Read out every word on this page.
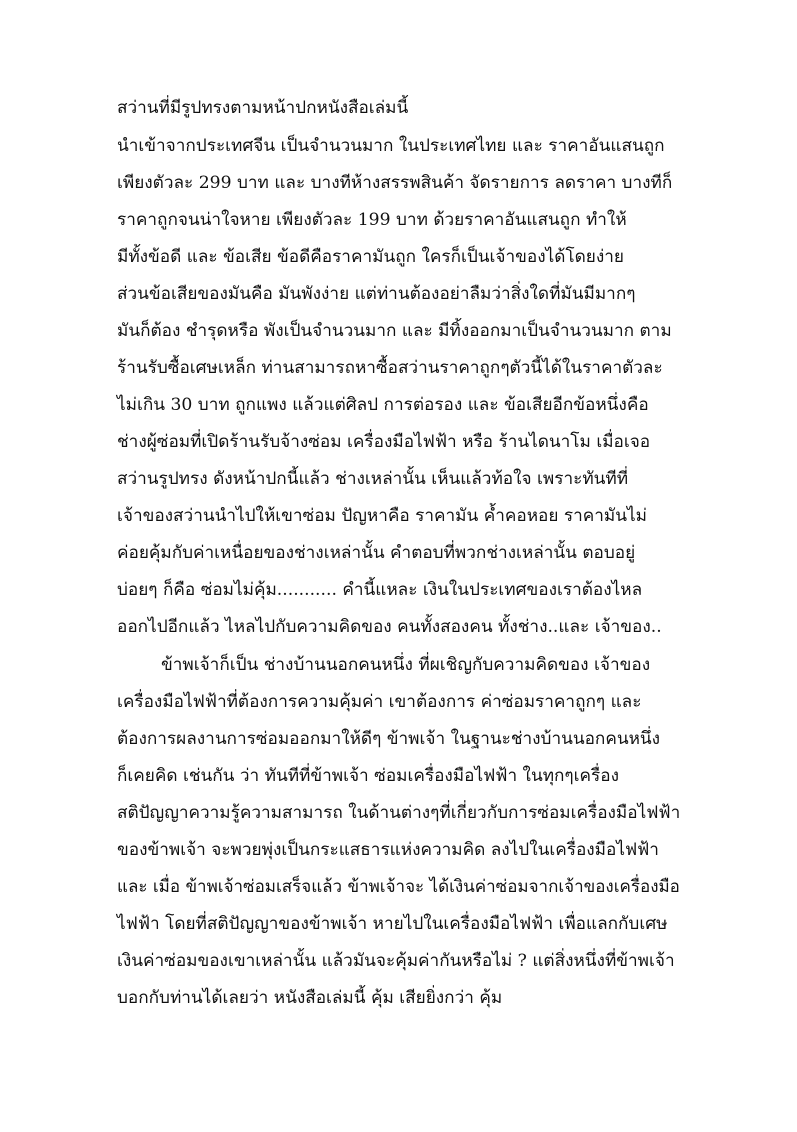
สว่านที่มีรูปทรงตามหน้าปกหนังสือเล่มนี้
นำเข้าจากประเทศจีน เป็นจำนวนมาก ในประเทศไทย และ ราคาอันแสนถูก
เพียงตัวละ 299 บาท และ บางทีห้างสรรพสินค้า จัดรายการ ลดราคา บางทีก็
ราคาถูกจนน่าใจหาย เพียงตัวละ 199 บาท ด้วยราคาอันแสนถูก ทำให้
มีทั้งข้อดี และ ข้อเสีย ข้อดีคือราคามันถูก ใครก็เป็นเจ้าของได้โดยง่าย
ส่วนข้อเสียของมันคือ มันพังง่าย แต่ท่านต้องอย่าลืมว่าสิ่งใดที่มันมีมากๆ
มันก็ต้อง ชำรุดหรือ พังเป็นจำนวนมาก และ มีทิ้งออกมาเป็นจำนวนมาก ตาม
ร้านรับซื้อเศษเหล็ก ท่านสามารถหาซื้อสว่านราคาถูกๆตัวนี้ได้ในราคาตัวละ
ไม่เกิน 30 บาท ถูกแพง แล้วแต่ศิลป การต่อรอง และ ข้อเสียอีกข้อหนึ่งคือ
ช่างผู้ซ่อมที่เปิดร้านรับจ้างซ่อม เครื่องมือไฟฟ้า หรือ ร้านไดนาโม เมื่อเจอ
สว่านรูปทรง ดังหน้าปกนี้แล้ว ช่างเหล่านั้น เห็นแล้วท้อใจ เพราะทันทีที่
เจ้าของสว่านนำไปให้เขาซ่อม ปัญหาคือ ราคามัน ค้ำคอหอย ราคามันไม่
ค่อยคุ้มกับค่าเหนื่อยของช่างเหล่านั้น คำตอบที่พวกช่างเหล่านั้น ตอบอยู่
บ่อยๆ ก็คือ ซ่อมไม่คุ้ม........... คำนี้แหละ เงินในประเทศของเราต้องไหล
ออกไปอีกแล้ว ไหลไปกับความคิดของ คนทั้งสองคน ทั้งช่าง..และ เจ้าของ..
ข้าพเจ้าก็เป็น ช่างบ้านนอกคนหนึ่ง ที่ผเชิญกับความคิดของ เจ้าของ
เครื่องมือไฟฟ้าที่ต้องการความคุ้มค่า เขาต้องการ ค่าซ่อมราคาถูกๆ และ
ต้องการผลงานการซ่อมออกมาให้ดีๆ ข้าพเจ้า ในฐานะช่างบ้านนอกคนหนึ่ง
ก็เคยคิด เช่นกัน ว่า ทันทีที่ข้าพเจ้า ซ่อมเครื่องมือไฟฟ้า ในทุกๆเครื่อง
สติปัญญาความรู้ความสามารถ ในด้านต่างๆที่เกี่ยวกับการซ่อมเครื่องมือไฟฟ้า
ของข้าพเจ้า จะพวยพุ่งเป็นกระแสธารแห่งความคิด ลงไปในเครื่องมือไฟฟ้า
และ เมื่อ ข้าพเจ้าซ่อมเสร็จแล้ว ข้าพเจ้าจะ ได้เงินค่าซ่อมจากเจ้าของเครื่องมือ
ไฟฟ้า โดยที่สติปัญญาของข้าพเจ้า หายไปในเครื่องมือไฟฟ้า เพื่อแลกกับเศษ
เงินค่าซ่อมของเขาเหล่านั้น แล้วมันจะคุ้มค่ากันหรือไม่ ? แต่สิ่งหนึ่งที่ข้าพเจ้า
บอกกับท่านได้เลยว่า หนังสือเล่มนี้ คุ้ม เสียยิ่งกว่า คุ้ม
